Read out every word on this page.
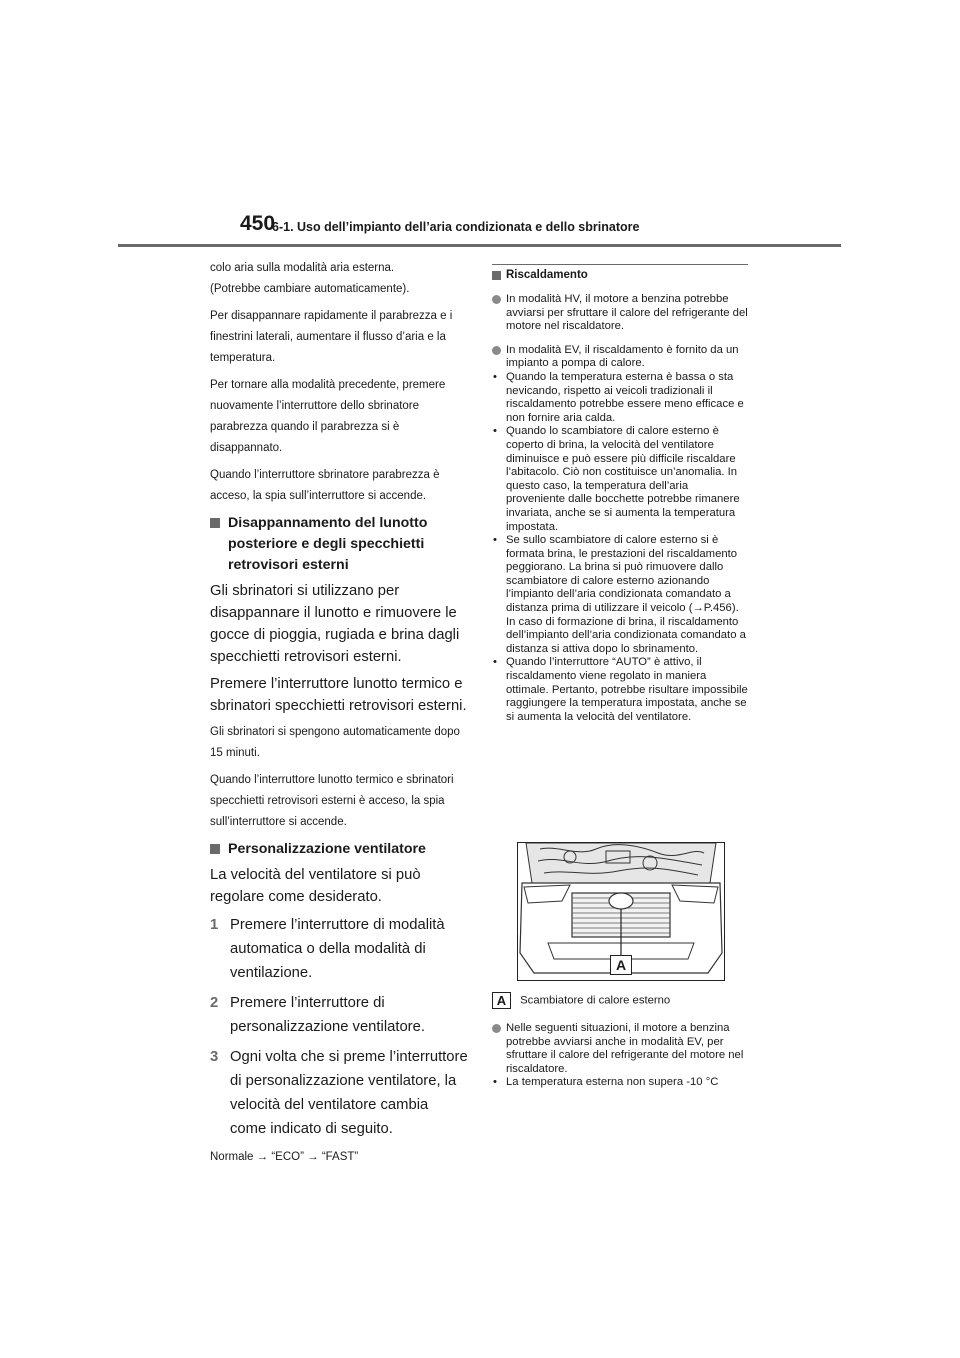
450
6-1. Uso dell’impianto dell’aria condizionata e dello sbrinatore

colo aria sulla modalità aria esterna.

(Potrebbe cambiare automaticamente).

Per disappannare rapidamente il parabrezza e i finestrini laterali, aumentare il flusso d’aria e la temperatura.

Per tornare alla modalità precedente, premere nuovamente l’interruttore dello sbrinatore parabrezza quando il parabrezza si è disappannato.

Quando l’interruttore sbrinatore parabrezza è acceso, la spia sull’interruttore si accende.

Disappannamento del lunotto posteriore e degli specchietti retrovisori esterni

Gli sbrinatori si utilizzano per disappannare il lunotto e rimuovere le gocce di pioggia, rugiada e brina dagli specchietti retrovisori esterni.

Premere l’interruttore lunotto termico e sbrinatori specchietti retrovisori esterni.

Gli sbrinatori si spengono automaticamente dopo 15 minuti.

Quando l’interruttore lunotto termico e sbrinatori specchietti retrovisori esterni è acceso, la spia sull’interruttore si accende.

Personalizzazione ventilatore

La velocità del ventilatore si può regolare come desiderato.

1 Premere l’interruttore di modalità automatica o della modalità di ventilazione.
2 Premere l’interruttore di personalizzazione ventilatore.
3 Ogni volta che si preme l’interruttore di personalizzazione ventilatore, la velocità del ventilatore cambia come indicato di seguito.

Normale → “ECO” → “FAST”

Riscaldamento
In modalità HV, il motore a benzina potrebbe avviarsi per sfruttare il calore del refrigerante del motore nel riscaldatore.
In modalità EV, il riscaldamento è fornito da un impianto a pompa di calore.
• Quando la temperatura esterna è bassa o sta nevicando, rispetto ai veicoli tradizionali il riscaldamento potrebbe essere meno efficace e non fornire aria calda.
• Quando lo scambiatore di calore esterno è coperto di brina, la velocità del ventilatore diminuisce e può essere più difficile riscaldare l’abitacolo. Ciò non costituisce un’anomalia. In questo caso, la temperatura dell’aria proveniente dalle bocchette potrebbe rimanere invariata, anche se si aumenta la temperatura impostata.
• Se sullo scambiatore di calore esterno si è formata brina, le prestazioni del riscaldamento peggiorano. La brina si può rimuovere dallo scambiatore di calore esterno azionando l’impianto dell’aria condizionata comandato a distanza prima di utilizzare il veicolo (→P.456). In caso di formazione di brina, il riscaldamento dell’impianto dell’aria condizionata comandato a distanza si attiva dopo lo sbrinamento.
• Quando l’interruttore “AUTO” è attivo, il riscaldamento viene regolato in maniera ottimale. Pertanto, potrebbe risultare impossibile raggiungere la temperatura impostata, anche se si aumenta la velocità del ventilatore.
A
A Scambiatore di calore esterno
Nelle seguenti situazioni, il motore a benzina potrebbe avviarsi anche in modalità EV, per sfruttare il calore del refrigerante del motore nel riscaldatore.
• La temperatura esterna non supera -10 °C
